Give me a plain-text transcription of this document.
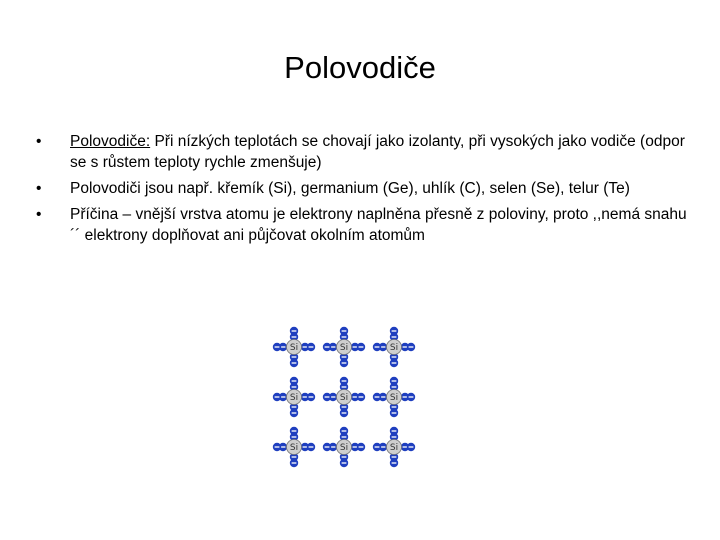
Polovodiče
•	Polovodiče: Při nízkých teplotách se chovají jako izolanty, při vysokých jako vodiče (odpor se s růstem teploty rychle zmenšuje)
•	Polovodiči jsou např. křemík (Si), germanium (Ge), uhlík (C), selen (Se), telur (Te)
•	Příčina – vnější vrstva atomu je elektrony naplněna přesně z poloviny, proto ,,nemá snahu´´ elektrony doplňovat ani půjčovat okolním atomům
Si	Si	Si
Si	Si	Si
Si	Si	Si
